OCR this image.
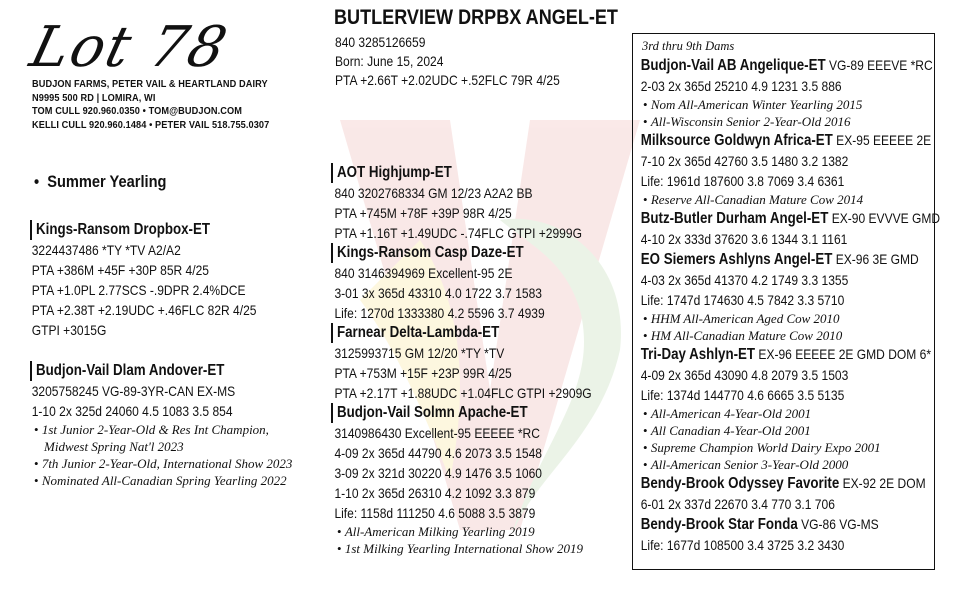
Lot 78
BUDJON FARMS, PETER VAIL & HEARTLAND DAIRY
N9995 500 RD | LOMIRA, WI
TOM CULL 920.960.0350 • TOM@BUDJON.COM
KELLI CULL 920.960.1484 • PETER VAIL 518.755.0307
BUTLERVIEW DRPBX ANGEL-ET
840 3285126659
Born: June 15, 2024
PTA +2.66T +2.02UDC +.52FLC 79R 4/25
•  Summer Yearling
Kings-Ransom Dropbox-ET
3224437486 *TY *TV A2/A2
PTA +386M +45F +30P 85R 4/25
PTA +1.0PL 2.77SCS -.9DPR 2.4%DCE
PTA +2.38T +2.19UDC +.46FLC 82R 4/25
GTPI +3015G
Budjon-Vail Dlam Andover-ET
3205758245 VG-89-3YR-CAN EX-MS
1-10 2x 325d 24060 4.5 1083 3.5 854
• 1st Junior 2-Year-Old & Res Int Champion,
Midwest Spring Nat'l 2023
• 7th Junior 2-Year-Old, International Show 2023
• Nominated All-Canadian Spring Yearling 2022
AOT Highjump-ET
840 3202768334 GM 12/23 A2A2 BB
PTA +745M +78F +39P 98R 4/25
PTA +1.16T +1.49UDC -.74FLC GTPI +2999G
Kings-Ransom Casp Daze-ET
840 3146394969 Excellent-95 2E
3-01 3x 365d 43310 4.0 1722 3.7 1583
Life: 1270d 1333380 4.2 5596 3.7 4939
Farnear Delta-Lambda-ET
3125993715 GM 12/20 *TY *TV
PTA +753M +15F +23P 99R 4/25
PTA +2.17T +1.88UDC +1.04FLC GTPI +2909G
Budjon-Vail Solmn Apache-ET
3140986430 Excellent-95 EEEEE *RC
4-09 2x 365d 44790 4.6 2073 3.5 1548
3-09 2x 321d 30220 4.9 1476 3.5 1060
1-10 2x 365d 26310 4.2 1092 3.3 879
Life: 1158d 111250 4.6 5088 3.5 3879
• All-American Milking Yearling 2019
• 1st Milking Yearling International Show 2019
3rd thru 9th Dams
Budjon-Vail AB Angelique-ET VG-89 EEEVE *RC
2-03 2x 365d 25210 4.9 1231 3.5 886
• Nom All-American Winter Yearling 2015
• All-Wisconsin Senior 2-Year-Old 2016
Milksource Goldwyn Africa-ET EX-95 EEEEE 2E
7-10 2x 365d 42760 3.5 1480 3.2 1382
Life: 1961d 187600 3.8 7069 3.4 6361
• Reserve All-Canadian Mature Cow 2014
Butz-Butler Durham Angel-ET EX-90 EVVVE GMD
4-10 2x 333d 37620 3.6 1344 3.1 1161
EO Siemers Ashlyns Angel-ET EX-96 3E GMD
4-03 2x 365d 41370 4.2 1749 3.3 1355
Life: 1747d 174630 4.5 7842 3.3 5710
• HHM All-American Aged Cow 2010
• HM All-Canadian Mature Cow 2010
Tri-Day Ashlyn-ET EX-96 EEEEE 2E GMD DOM 6*
4-09 2x 365d 43090 4.8 2079 3.5 1503
Life: 1374d 144770 4.6 6665 3.5 5135
• All-American 4-Year-Old 2001
• All Canadian 4-Year-Old 2001
• Supreme Champion World Dairy Expo 2001
• All-American Senior 3-Year-Old 2000
Bendy-Brook Odyssey Favorite EX-92 2E DOM
6-01 2x 337d 22670 3.4 770 3.1 706
Bendy-Brook Star Fonda VG-86 VG-MS
Life: 1677d 108500 3.4 3725 3.2 3430
